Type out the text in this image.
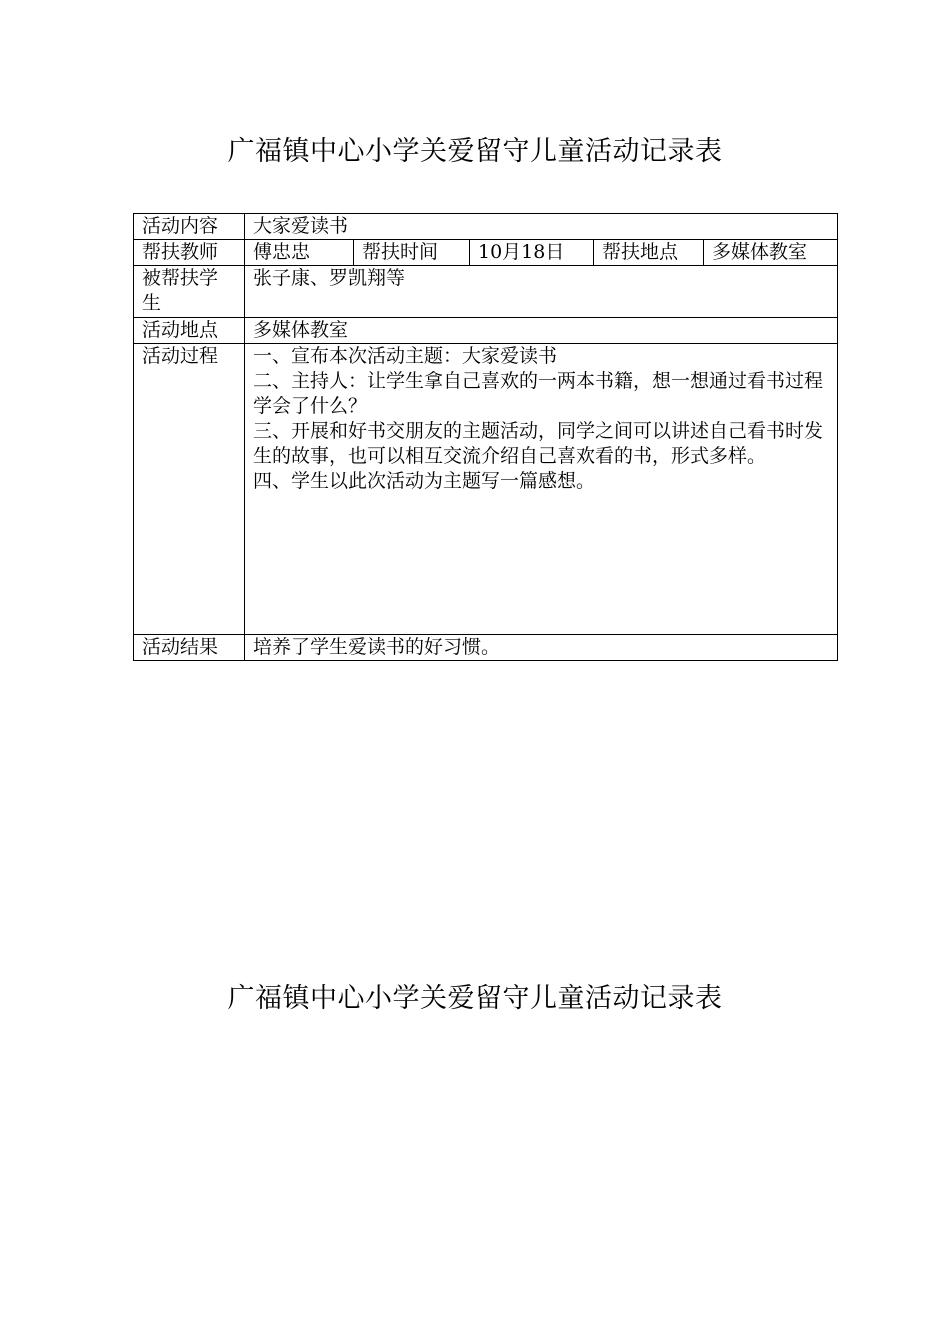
广福镇中心小学关爱留守儿童活动记录表
活动内容	大家爱读书				
帮扶教师	傅忠忠	帮扶时间	10月18日	帮扶地点	多媒体教室
被帮扶学生	张子康、罗凯翔等				
活动地点	多媒体教室				
活动过程	一、宣布本次活动主题：大家爱读书
二、主持人：让学生拿自己喜欢的一两本书籍，想一想通过看书过程学会了什么？
三、开展和好书交朋友的主题活动，同学之间可以讲述自己看书时发生的故事，也可以相互交流介绍自己喜欢看的书，形式多样。
四、学生以此次活动为主题写一篇感想。				

活动结果	培养了学生爱读书的好习惯。				
广福镇中心小学关爱留守儿童活动记录表
